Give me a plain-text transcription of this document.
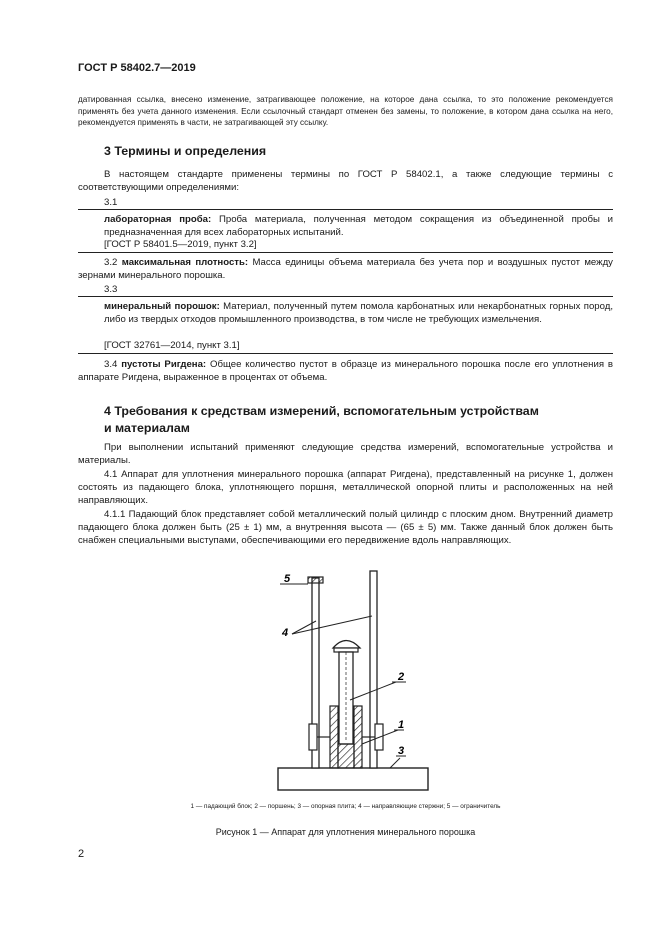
ГОСТ Р 58402.7—2019

датированная ссылка, внесено изменение, затрагивающее положение, на которое дана ссылка, то это положение рекомендуется применять без учета данного изменения. Если ссылочный стандарт отменен без замены, то положение, в котором дана ссылка на него, рекомендуется применять в части, не затрагивающей эту ссылку.

3 Термины и определения

В настоящем стандарте применены термины по ГОСТ Р 58402.1, а также следующие термины с соответствующими определениями:

3.1
лабораторная проба: Проба материала, полученная методом сокращения из объединенной пробы и предназначенная для всех лабораторных испытаний.
[ГОСТ Р 58401.5—2019, пункт 3.2]

3.2 максимальная плотность: Масса единицы объема материала без учета пор и воздушных пустот между зернами минерального порошка.

3.3
минеральный порошок: Материал, полученный путем помола карбонатных или некарбонатных горных пород, либо из твердых отходов промышленного производства, в том числе не требующих измельчения.
[ГОСТ 32761—2014, пункт 3.1]

3.4 пустоты Ригдена: Общее количество пустот в образце из минерального порошка после его уплотнения в аппарате Ригдена, выраженное в процентах от объема.

4 Требования к средствам измерений, вспомогательным устройствам
и материалам

При выполнении испытаний применяют следующие средства измерений, вспомогательные устройства и материалы.

4.1 Аппарат для уплотнения минерального порошка (аппарат Ригдена), представленный на рисунке 1, должен состоять из падающего блока, уплотняющего поршня, металлической опорной плиты и расположенных на ней направляющих.

4.1.1 Падающий блок представляет собой металлический полый цилиндр с плоским дном. Внутренний диаметр падающего блока должен быть (25 ± 1) мм, а внутренняя высота — (65 ± 5) мм. Также данный блок должен быть снабжен специальными выступами, обеспечивающими его передвижение вдоль направляющих.

5
4
2
1
3
1 — падающий блок; 2 — поршень; 3 — опорная плита; 4 — направляющие стержни; 5 — ограничитель
Рисунок 1 — Аппарат для уплотнения минерального порошка
2
